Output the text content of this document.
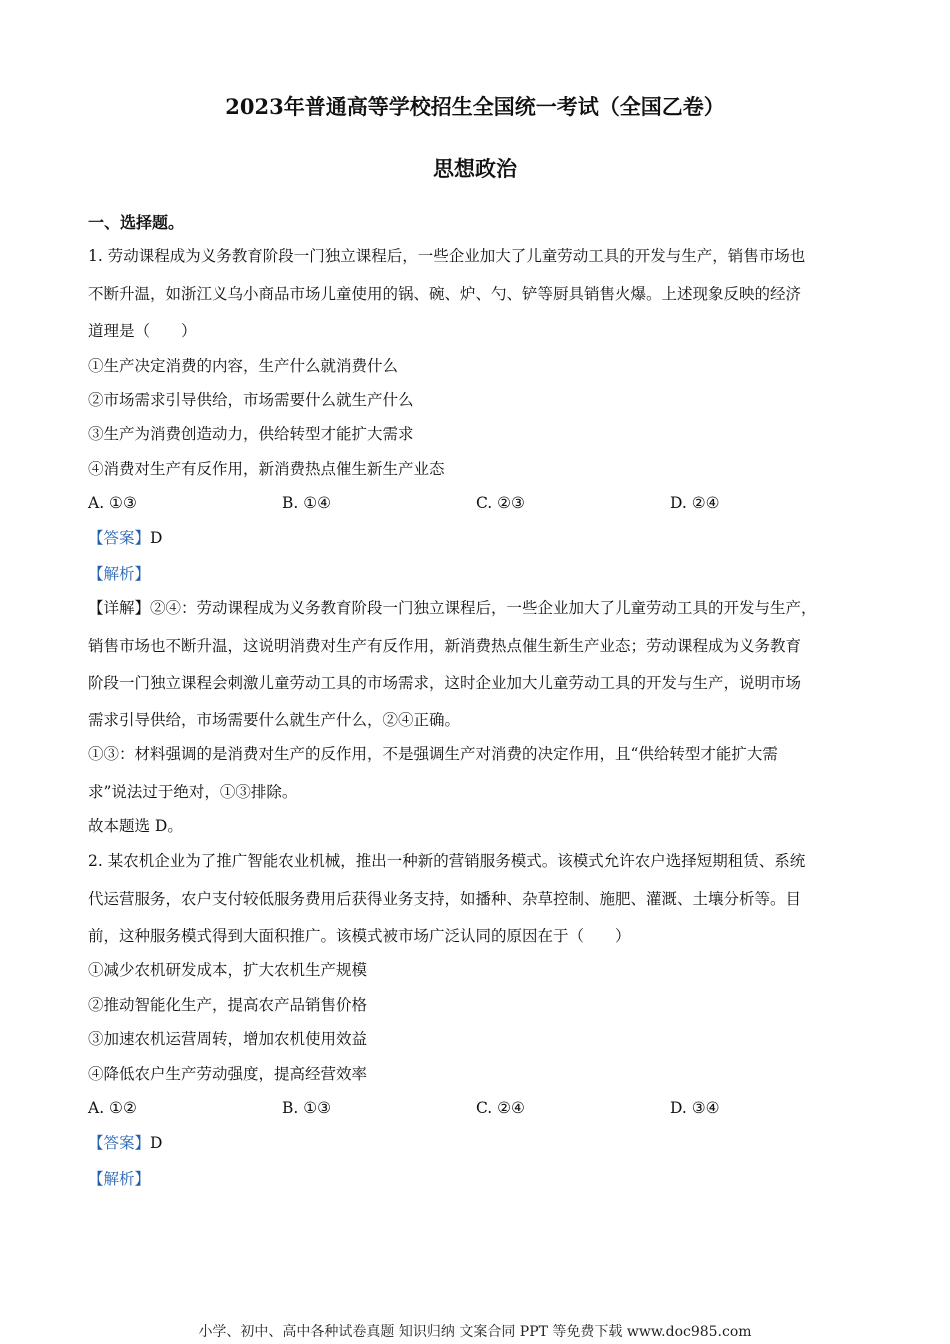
2023年普通高等学校招生全国统一考试（全国乙卷）
思想政治
一、选择题。
1. 劳动课程成为义务教育阶段一门独立课程后，一些企业加大了儿童劳动工具的开发与生产，销售市场也
不断升温，如浙江义乌小商品市场儿童使用的锅、碗、炉、勺、铲等厨具销售火爆。上述现象反映的经济
道理是（　　）
①生产决定消费的内容，生产什么就消费什么
②市场需求引导供给，市场需要什么就生产什么
③生产为消费创造动力，供给转型才能扩大需求
④消费对生产有反作用，新消费热点催生新生产业态
A. ①③	B. ①④	C. ②③	D. ②④
【答案】D
【解析】
【详解】②④：劳动课程成为义务教育阶段一门独立课程后，一些企业加大了儿童劳动工具的开发与生产，
销售市场也不断升温，这说明消费对生产有反作用，新消费热点催生新生产业态；劳动课程成为义务教育
阶段一门独立课程会刺激儿童劳动工具的市场需求，这时企业加大儿童劳动工具的开发与生产，说明市场
需求引导供给，市场需要什么就生产什么，②④正确。
①③：材料强调的是消费对生产的反作用，不是强调生产对消费的决定作用，且“供给转型才能扩大需
求”说法过于绝对，①③排除。
故本题选 D。
2. 某农机企业为了推广智能农业机械，推出一种新的营销服务模式。该模式允许农户选择短期租赁、系统
代运营服务，农户支付较低服务费用后获得业务支持，如播种、杂草控制、施肥、灌溉、土壤分析等。目
前，这种服务模式得到大面积推广。该模式被市场广泛认同的原因在于（　　）
①减少农机研发成本，扩大农机生产规模
②推动智能化生产，提高农产品销售价格
③加速农机运营周转，增加农机使用效益
④降低农户生产劳动强度，提高经营效率
A. ①②	B. ①③	C. ②④	D. ③④
【答案】D
【解析】
小学、初中、高中各种试卷真题 知识归纳 文案合同 PPT 等免费下载 www.doc985.com
